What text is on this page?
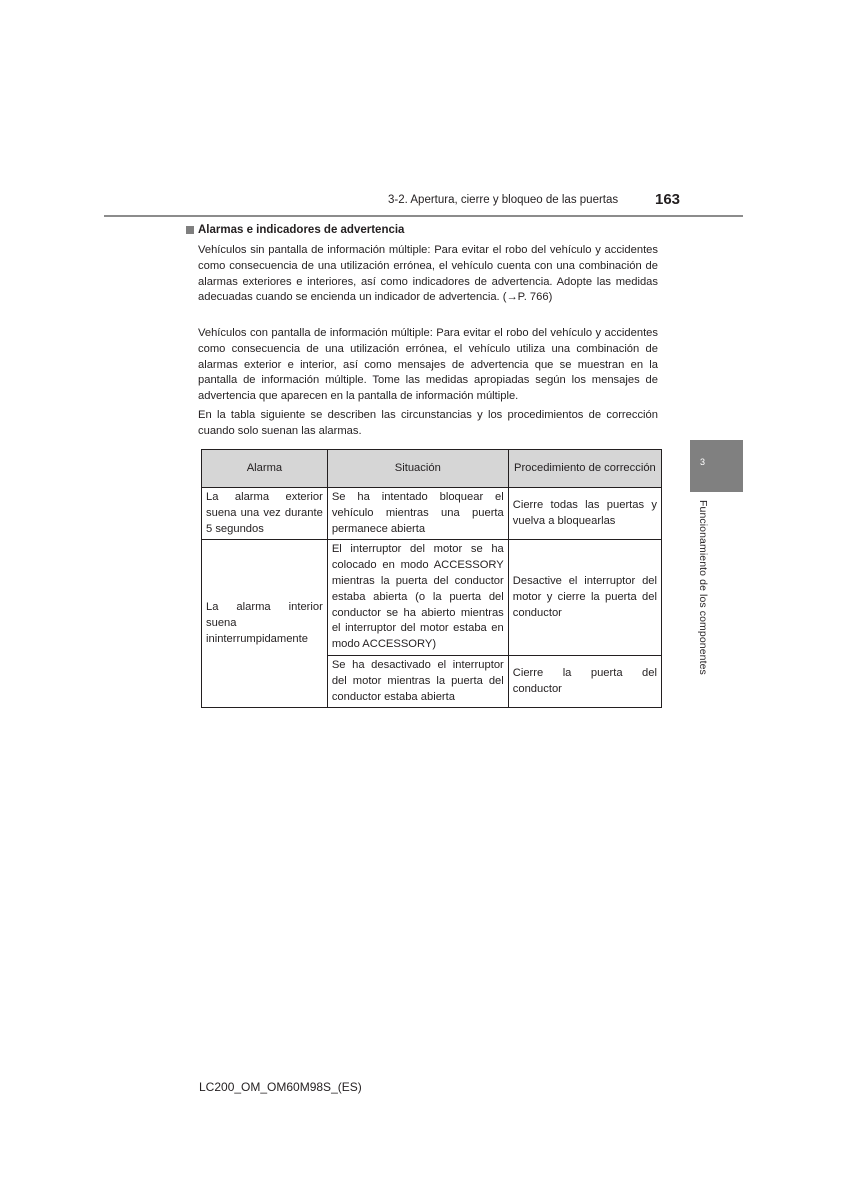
3-2. Apertura, cierre y bloqueo de las puertas 163
Alarmas e indicadores de advertencia
Vehículos sin pantalla de información múltiple: Para evitar el robo del vehículo y accidentes como consecuencia de una utilización errónea, el vehículo cuenta con una combinación de alarmas exteriores e interiores, así como indicadores de advertencia. Adopte las medidas adecuadas cuando se encienda un indicador de advertencia. (→P. 766)
Vehículos con pantalla de información múltiple: Para evitar el robo del vehículo y accidentes como consecuencia de una utilización errónea, el vehículo utiliza una combinación de alarmas exterior e interior, así como mensajes de advertencia que se muestran en la pantalla de información múltiple. Tome las medidas apropiadas según los mensajes de advertencia que aparecen en la pantalla de información múltiple.
En la tabla siguiente se describen las circunstancias y los procedimientos de corrección cuando solo suenan las alarmas.
Alarma	Situación	Procedimiento de corrección
La alarma exterior suena una vez durante 5 segundos	Se ha intentado bloquear el vehículo mientras una puerta permanece abierta	Cierre todas las puertas y vuelva a bloquearlas
La alarma interior suena ininterrumpidamente	El interruptor del motor se ha colocado en modo ACCESSORY mientras la puerta del conductor estaba abierta (o la puerta del conductor se ha abierto mientras el interruptor del motor estaba en modo ACCESSORY)	Desactive el interruptor del motor y cierre la puerta del conductor
	Se ha desactivado el interruptor del motor mientras la puerta del conductor estaba abierta	Cierre la puerta del conductor
3
Funcionamiento de los componentes
LC200_OM_OM60M98S_(ES)
